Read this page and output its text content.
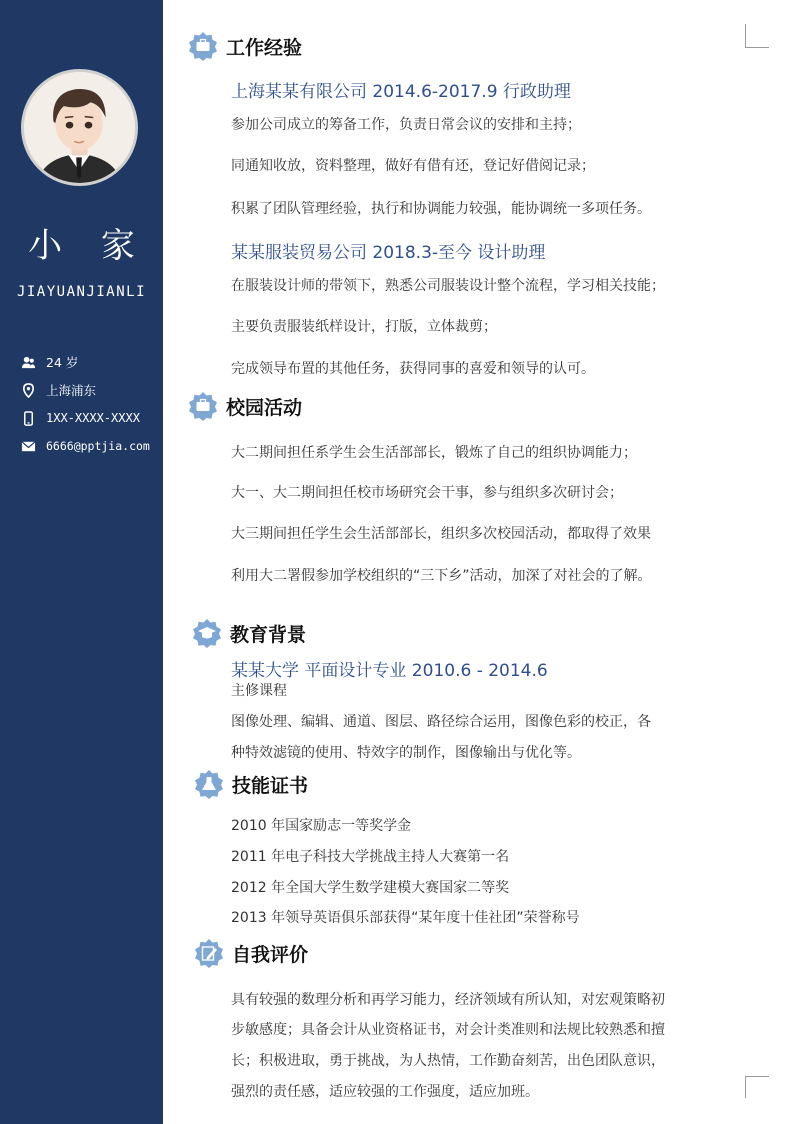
小 家
JIAYUANJIANLI
24 岁
上海浦东
1XX-XXXX-XXXX
6666@pptjia.com
工作经验
上海某某有限公司 2014.6-2017.9 行政助理
参加公司成立的筹备工作，负责日常会议的安排和主持；
同通知收放，资料整理，做好有借有还，登记好借阅记录；
积累了团队管理经验，执行和协调能力较强，能协调统一多项任务。
某某服装贸易公司 2018.3-至今 设计助理
在服装设计师的带领下，熟悉公司服装设计整个流程，学习相关技能；
主要负责服装纸样设计，打版，立体裁剪；
完成领导布置的其他任务，获得同事的喜爱和领导的认可。
校园活动
大二期间担任系学生会生活部部长，锻炼了自己的组织协调能力；
大一、大二期间担任校市场研究会干事，参与组织多次研讨会；
大三期间担任学生会生活部部长，组织多次校园活动，都取得了效果
利用大二署假参加学校组织的“三下乡”活动，加深了对社会的了解。
教育背景
某某大学 平面设计专业 2010.6 - 2014.6
主修课程
图像处理、编辑、通道、图层、路径综合运用，图像色彩的校正，各
种特效滤镜的使用、特效字的制作，图像输出与优化等。
技能证书
2010 年国家励志一等奖学金
2011 年电子科技大学挑战主持人大赛第一名
2012 年全国大学生数学建模大赛国家二等奖
2013 年领导英语俱乐部获得“某年度十佳社团”荣誉称号
自我评价
具有较强的数理分析和再学习能力，经济领域有所认知，对宏观策略初
步敏感度；具备会计从业资格证书，对会计类准则和法规比较熟悉和擅
长；积极进取，勇于挑战，为人热情，工作勤奋刻苦，出色团队意识，
强烈的责任感，适应较强的工作强度，适应加班。
